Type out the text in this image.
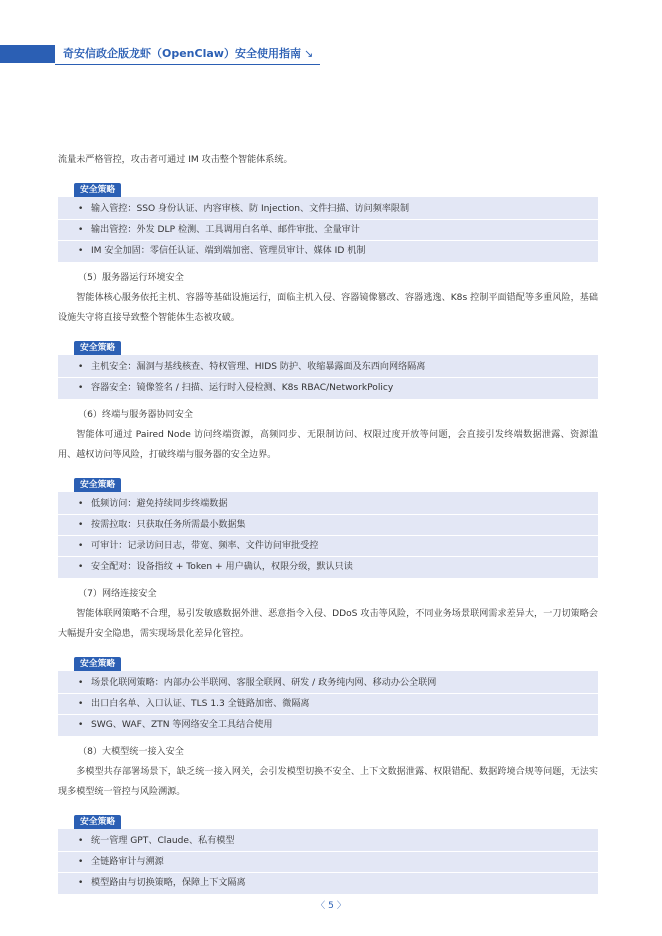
奇安信政企版龙虾（OpenClaw）安全使用指南 ↘

流量未严格管控，攻击者可通过 IM 攻击整个智能体系统。

安全策略
• 输入管控：SSO 身份认证、内容审核、防 Injection、文件扫描、访问频率限制
• 输出管控：外发 DLP 检测、工具调用白名单、邮件审批、全量审计
• IM 安全加固：零信任认证、端到端加密、管理员审计、媒体 ID 机制

（5）服务器运行环境安全

智能体核心服务依托主机、容器等基础设施运行，面临主机入侵、容器镜像篡改、容器逃逸、K8s 控制平面错配等多重风险，基础设施失守将直接导致整个智能体生态被攻破。

安全策略
• 主机安全：漏洞与基线核查、特权管理、HIDS 防护、收缩暴露面及东西向网络隔离
• 容器安全：镜像签名 / 扫描、运行时入侵检测、K8s RBAC/NetworkPolicy

（6）终端与服务器协同安全

智能体可通过 Paired Node 访问终端资源，高频同步、无限制访问、权限过度开放等问题，会直接引发终端数据泄露、资源滥用、越权访问等风险，打破终端与服务器的安全边界。

安全策略
• 低频访问：避免持续同步终端数据
• 按需拉取：只获取任务所需最小数据集
• 可审计：记录访问日志，带宽、频率、文件访问审批受控
• 安全配对：设备指纹 + Token + 用户确认，权限分级，默认只读

（7）网络连接安全

智能体联网策略不合理，易引发敏感数据外泄、恶意指令入侵、DDoS 攻击等风险，不同业务场景联网需求差异大，一刀切策略会大幅提升安全隐患，需实现场景化差异化管控。

安全策略
• 场景化联网策略：内部办公半联网、客服全联网、研发 / 政务纯内网、移动办公全联网
• 出口白名单、入口认证、TLS 1.3 全链路加密、微隔离
• SWG、WAF、ZTN 等网络安全工具结合使用

（8）大模型统一接入安全

多模型共存部署场景下，缺乏统一接入网关，会引发模型切换不安全、上下文数据泄露、权限错配、数据跨境合规等问题，无法实现多模型统一管控与风险溯源。

安全策略
• 统一管理 GPT、Claude、私有模型
• 全链路审计与溯源
• 模型路由与切换策略，保障上下文隔离
〈 5 〉
